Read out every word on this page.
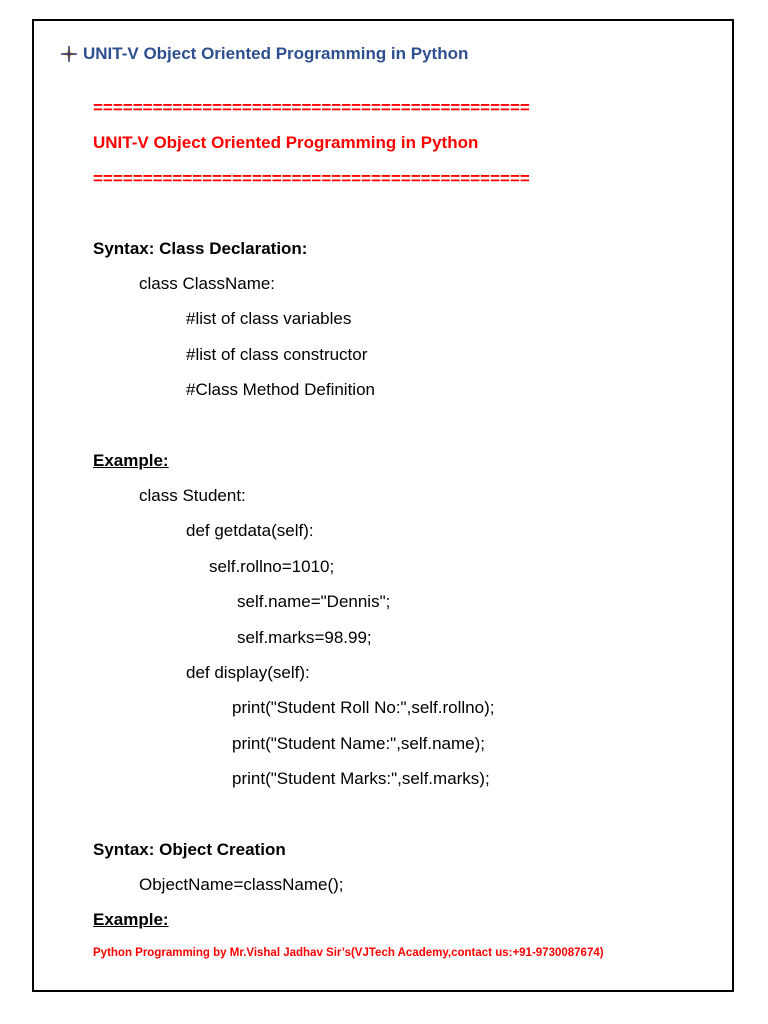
UNIT-V Object Oriented Programming in Python
============================================
UNIT-V Object Oriented Programming in Python
============================================
Syntax: Class Declaration:
class ClassName:
#list of class variables
#list of class constructor
#Class Method Definition
Example:
class Student:
def getdata(self):
self.rollno=1010;
self.name="Dennis";
self.marks=98.99;
def display(self):
print("Student Roll No:",self.rollno);
print("Student Name:",self.name);
print("Student Marks:",self.marks);
Syntax: Object Creation
ObjectName=className();
Example:
Python Programming by Mr.Vishal Jadhav Sir’s(VJTech Academy,contact us:+91-9730087674)
